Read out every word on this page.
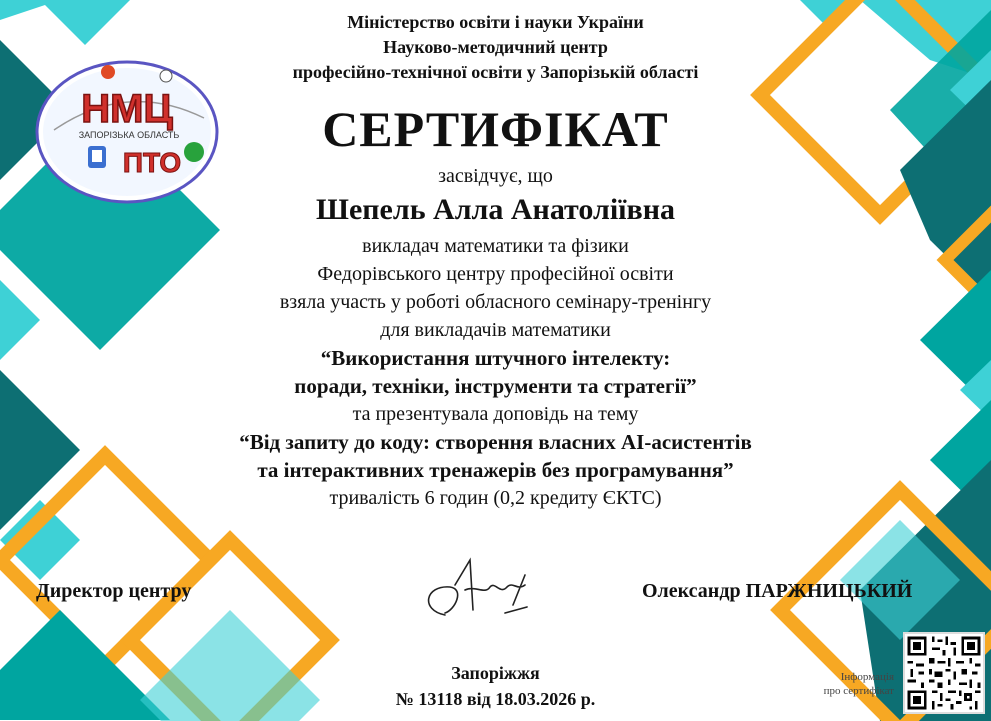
НМЦ
ЗАПОРІЗЬКА ОБЛАСТЬ
ПТО
Міністерство освіти і науки України
Науково-методичний центр
професійно-технічної освіти у Запорізькій області
СЕРТИФІКАТ
засвідчує, що
Шепель Алла Анатоліївна
викладач математики та фізики
Федорівського центру професійної освіти
взяла участь у роботі обласного семінару-тренінгу
для викладачів математики
“Використання штучного інтелекту:
поради, техніки, інструменти та стратегії”
та презентувала доповідь на тему
“Від запиту до коду: створення власних AI-асистентів
та інтерактивних тренажерів без програмування”
тривалість 6 годин (0,2 кредиту ЄКТС)
Директор центру	Олександр ПАРЖНИЦЬКИЙ
Запоріжжя
№ 13118 від 18.03.2026 р.
Інформація
про сертифікат
